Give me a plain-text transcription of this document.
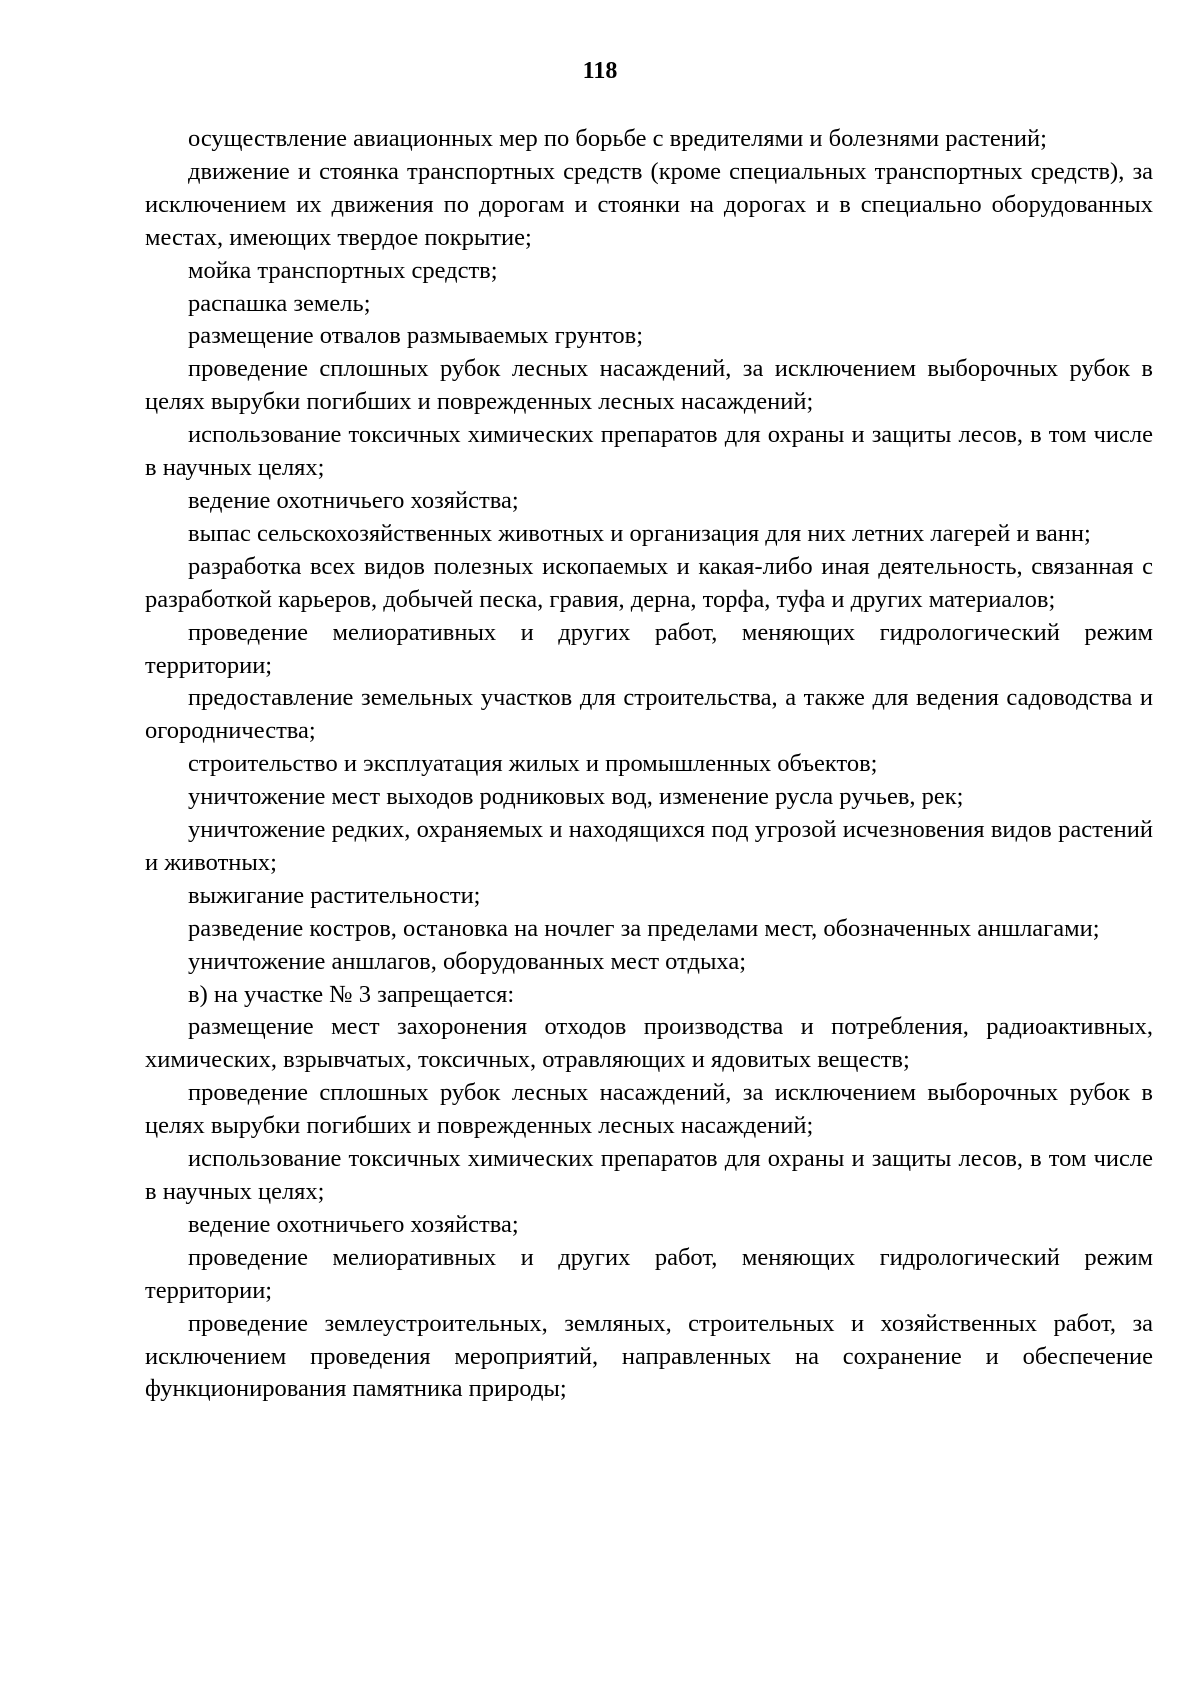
118

осуществление авиационных мер по борьбе с вредителями и болезнями растений;

движение и стоянка транспортных средств (кроме специальных транспортных средств), за исключением их движения по дорогам и стоянки на дорогах и в специально оборудованных местах, имеющих твердое покрытие;

мойка транспортных средств;

распашка земель;

размещение отвалов размываемых грунтов;

проведение сплошных рубок лесных насаждений, за исключением выборочных рубок в целях вырубки погибших и поврежденных лесных насаждений;

использование токсичных химических препаратов для охраны и защиты лесов, в том числе в научных целях;

ведение охотничьего хозяйства;

выпас сельскохозяйственных животных и организация для них летних лагерей и ванн;

разработка всех видов полезных ископаемых и какая-либо иная деятельность, связанная с разработкой карьеров, добычей песка, гравия, дерна, торфа, туфа и других материалов;

проведение мелиоративных и других работ, меняющих гидрологический режим территории;

предоставление земельных участков для строительства, а также для ведения садоводства и огородничества;

строительство и эксплуатация жилых и промышленных объектов;

уничтожение мест выходов родниковых вод, изменение русла ручьев, рек;

уничтожение редких, охраняемых и находящихся под угрозой исчезновения видов растений и животных;

выжигание растительности;

разведение костров, остановка на ночлег за пределами мест, обозначенных аншлагами;

уничтожение аншлагов, оборудованных мест отдыха;

в) на участке № 3 запрещается:

размещение мест захоронения отходов производства и потребления, радиоактивных, химических, взрывчатых, токсичных, отравляющих и ядовитых веществ;

проведение сплошных рубок лесных насаждений, за исключением выборочных рубок в целях вырубки погибших и поврежденных лесных насаждений;

использование токсичных химических препаратов для охраны и защиты лесов, в том числе в научных целях;

ведение охотничьего хозяйства;

проведение мелиоративных и других работ, меняющих гидрологический режим территории;

проведение землеустроительных, земляных, строительных и хозяйственных работ, за исключением проведения мероприятий, направленных на сохранение и обеспечение функционирования памятника природы;
